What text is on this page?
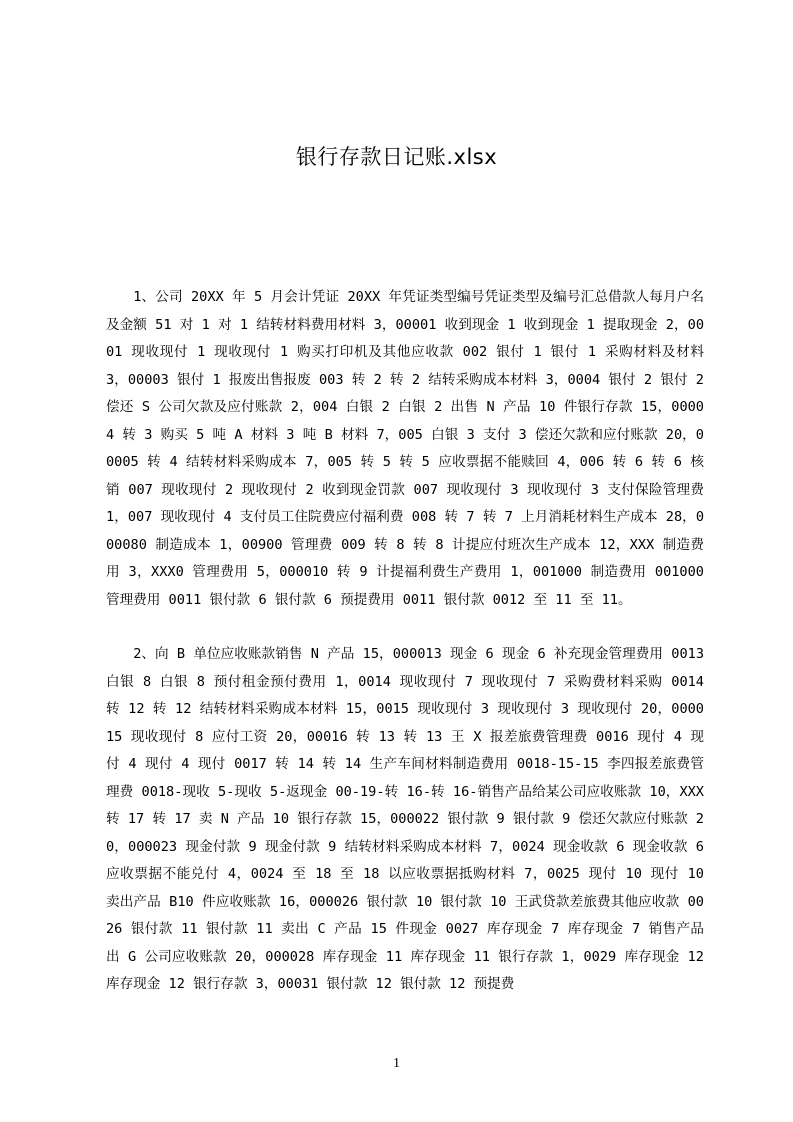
银行存款日记账.xlsx

1、公司 20XX 年 5 月会计凭证 20XX 年凭证类型编号凭证类型及编号汇总借款人每月户名及金额 51 对 1 对 1 结转材料费用材料 3，00001 收到现金 1 收到现金 1 提取现金 2，0001 现收现付 1 现收现付 1 购买打印机及其他应收款 002 银付 1 银付 1 采购材料及材料 3，00003 银付 1 报废出售报废 003 转 2 转 2 结转采购成本材料 3，0004 银付 2 银付 2 偿还 S 公司欠款及应付账款 2，004 白银 2 白银 2 出售 N 产品 10 件银行存款 15，00004 转 3 购买 5 吨 A 材料 3 吨 B 材料 7，005 白银 3 支付 3 偿还欠款和应付账款 20，00005 转 4 结转材料采购成本 7，005 转 5 转 5 应收票据不能赎回 4，006 转 6 转 6 核销 007 现收现付 2 现收现付 2 收到现金罚款 007 现收现付 3 现收现付 3 支付保险管理费 1，007 现收现付 4 支付员工住院费应付福利费 008 转 7 转 7 上月消耗材料生产成本 28，000080 制造成本 1，00900 管理费 009 转 8 转 8 计提应付班次生产成本 12，XXX 制造费用 3，XXX0 管理费用 5，000010 转 9 计提福利费生产费用 1，001000 制造费用 001000 管理费用 0011 银付款 6 银付款 6 预提费用 0011 银付款 0012 至 11 至 11。

2、向 B 单位应收账款销售 N 产品 15，000013 现金 6 现金 6 补充现金管理费用 0013 白银 8 白银 8 预付租金预付费用 1，0014 现收现付 7 现收现付 7 采购费材料采购 0014 转 12 转 12 结转材料采购成本材料 15，0015 现收现付 3 现收现付 3 现收现付 20，000015 现收现付 8 应付工资 20，00016 转 13 转 13 王 X 报差旅费管理费 0016 现付 4 现付 4 现付 4 现付 0017 转 14 转 14 生产车间材料制造费用 0018-15-15 李四报差旅费管理费 0018-现收 5-现收 5-返现金 00-19-转 16-转 16-销售产品给某公司应收账款 10，XXX 转 17 转 17 卖 N 产品 10 银行存款 15，000022 银付款 9 银付款 9 偿还欠款应付账款 20，000023 现金付款 9 现金付款 9 结转材料采购成本材料 7，0024 现金收款 6 现金收款 6 应收票据不能兑付 4，0024 至 18 至 18 以应收票据抵购材料 7，0025 现付 10 现付 10 卖出产品 B10 件应收账款 16，000026 银付款 10 银付款 10 王武贷款差旅费其他应收款 0026 银付款 11 银付款 11 卖出 C 产品 15 件现金 0027 库存现金 7 库存现金 7 销售产品出 G 公司应收账款 20，000028 库存现金 11 库存现金 11 银行存款 1，0029 库存现金 12 库存现金 12 银行存款 3，00031 银付款 12 银付款 12 预提费

1
